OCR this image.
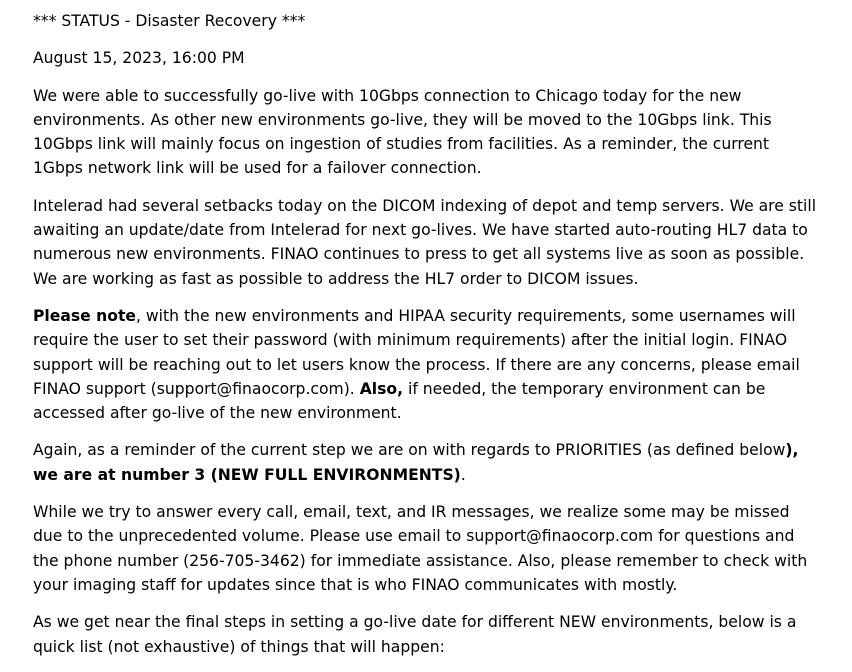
*** STATUS - Disaster Recovery ***

August 15, 2023, 16:00 PM

We were able to successfully go-live with 10Gbps connection to Chicago today for the new environments. As other new environments go-live, they will be moved to the 10Gbps link. This 10Gbps link will mainly focus on ingestion of studies from facilities. As a reminder, the current 1Gbps network link will be used for a failover connection.

Intelerad had several setbacks today on the DICOM indexing of depot and temp servers. We are still awaiting an update/date from Intelerad for next go-lives. We have started auto-routing HL7 data to numerous new environments. FINAO continues to press to get all systems live as soon as possible. We are working as fast as possible to address the HL7 order to DICOM issues.

Please note, with the new environments and HIPAA security requirements, some usernames will require the user to set their password (with minimum requirements) after the initial login. FINAO support will be reaching out to let users know the process. If there are any concerns, please email FINAO support (support@finaocorp.com). Also, if needed, the temporary environment can be accessed after go-live of the new environment.

Again, as a reminder of the current step we are on with regards to PRIORITIES (as defined below), we are at number 3 (NEW FULL ENVIRONMENTS).

While we try to answer every call, email, text, and IR messages, we realize some may be missed due to the unprecedented volume. Please use email to support@finaocorp.com for questions and the phone number (256-705-3462) for immediate assistance. Also, please remember to check with your imaging staff for updates since that is who FINAO communicates with mostly.

As we get near the final steps in setting a go-live date for different NEW environments, below is a quick list (not exhaustive) of things that will happen:
